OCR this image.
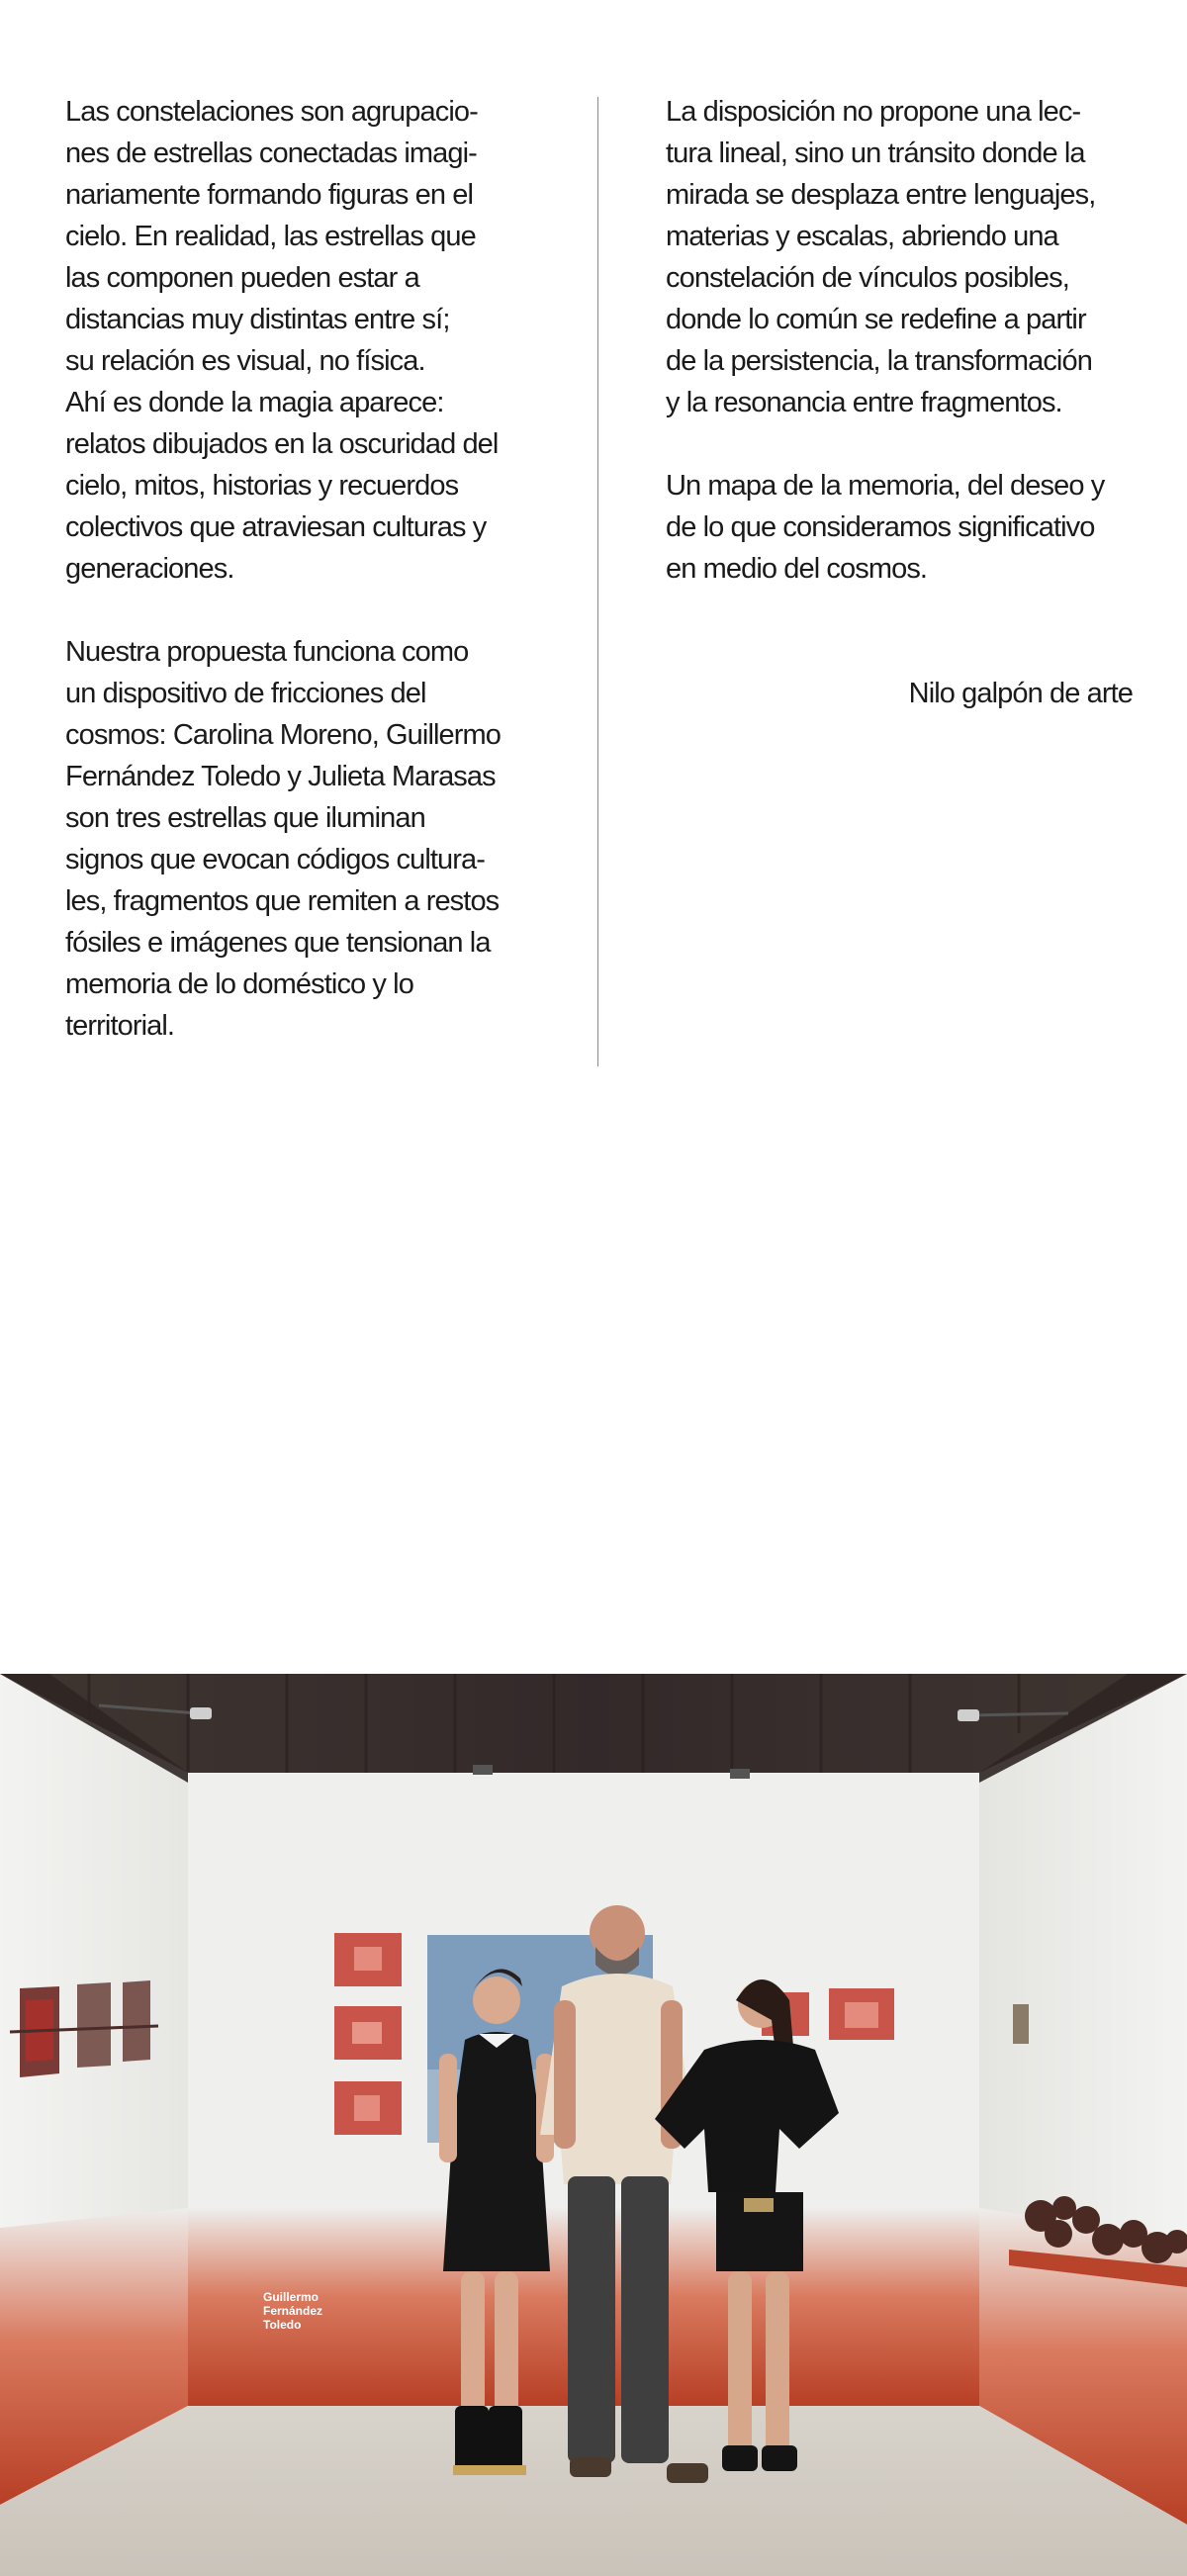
Las constelaciones son agrupacio-

nes de estrellas conectadas imagi-

nariamente formando figuras en el

cielo. En realidad, las estrellas que

las componen pueden estar a

distancias muy distintas entre sí;

su relación es visual, no física.

Ahí es donde la magia aparece:

relatos dibujados en la oscuridad del

cielo, mitos, historias y recuerdos

colectivos que atraviesan culturas y

generaciones.

Nuestra propuesta funciona como

un dispositivo de fricciones del

cosmos: Carolina Moreno, Guillermo

Fernández Toledo y Julieta Marasas

son tres estrellas que iluminan

signos que evocan códigos cultura-

les, fragmentos que remiten a restos

fósiles e imágenes que tensionan la

memoria de lo doméstico y lo

territorial.

La disposición no propone una lec-

tura lineal, sino un tránsito donde la

mirada se desplaza entre lenguajes,

materias y escalas, abriendo una

constelación de vínculos posibles,

donde lo común se redefine a partir

de la persistencia, la transformación

y la resonancia entre fragmentos.

Un mapa de la memoria, del deseo y

de lo que consideramos significativo

en medio del cosmos.

Nilo galpón de arte

Guillermo
Fernández
Toledo
